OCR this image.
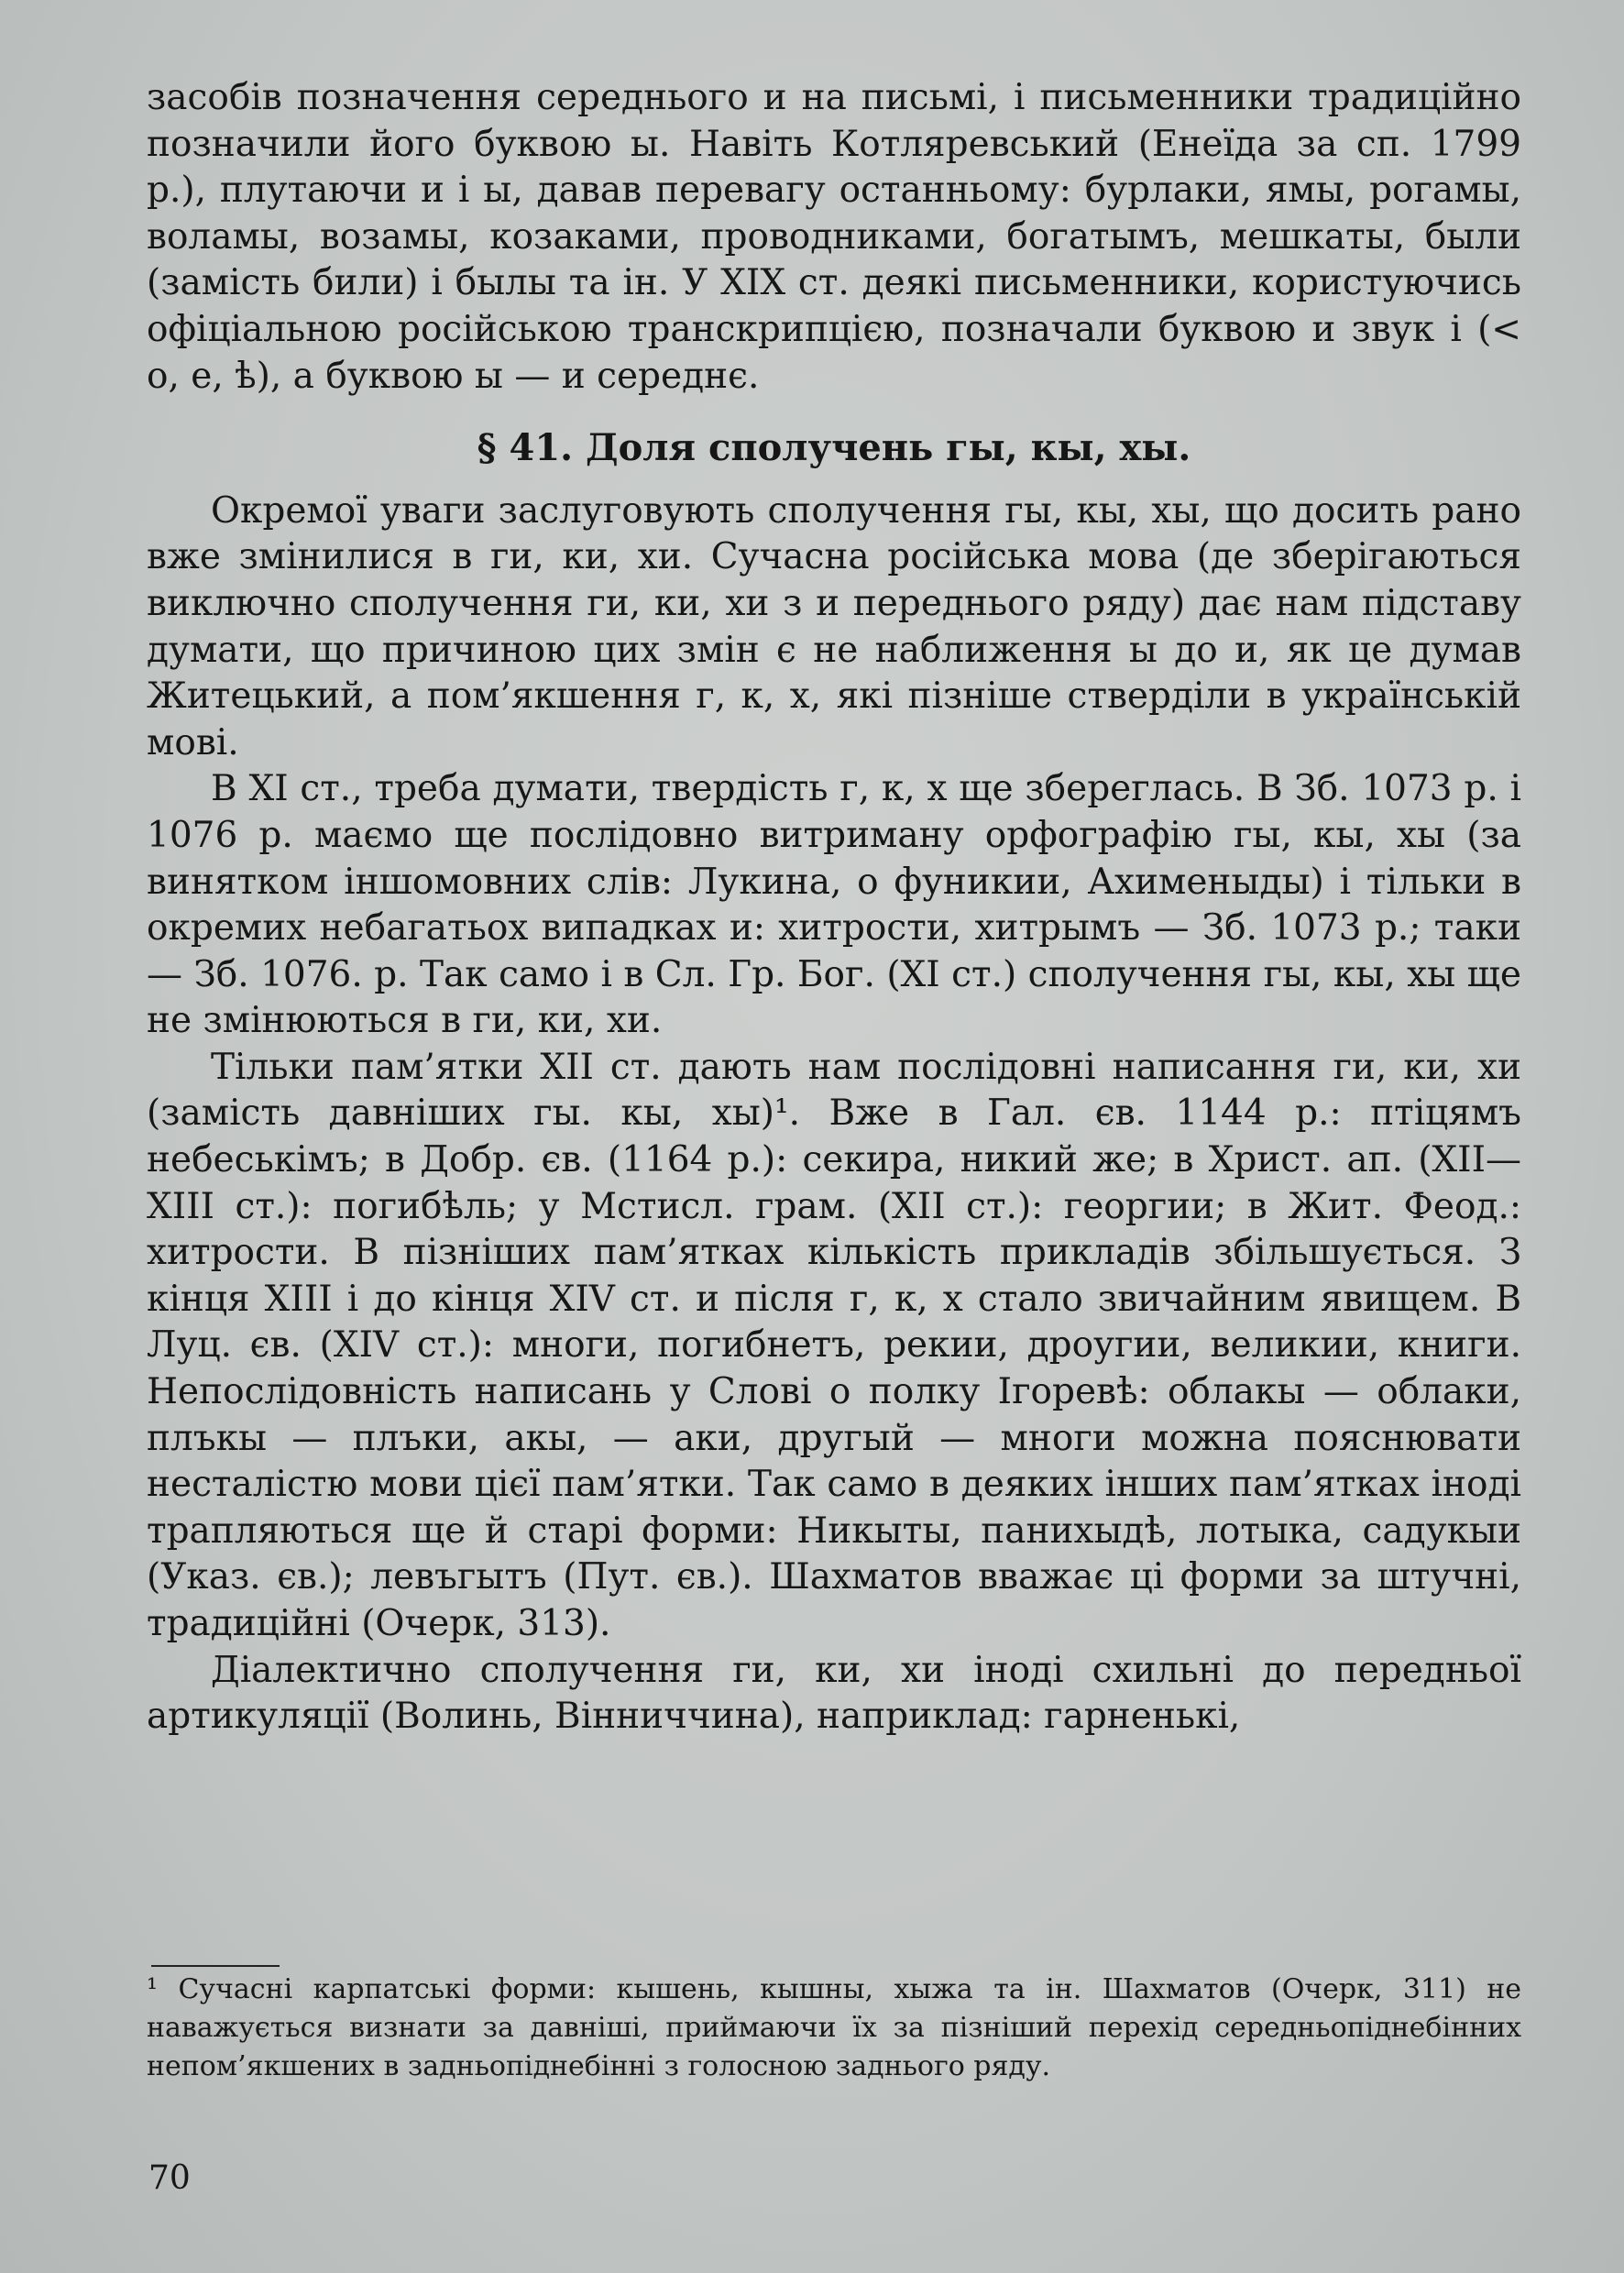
засобів позначення середнього и на письмі, і письменники традиційно позначили його буквою ы. Навіть Котляревський (Енеїда за сп. 1799 р.), плутаючи и і ы, давав перевагу останньому: бурлаки, ямы, рогамы, воламы, возамы, козаками, проводниками, богатымъ, мешкаты, были (замість били) і былы та ін. У XIX ст. деякі письменники, користуючись офіціальною російською транскрипцією, позначали буквою и звук і (< о, е, ѣ), а буквою ы — и середнє.

§ 41. Доля сполучень гы, кы, хы.

Окремої уваги заслуговують сполучення гы, кы, хы, що досить рано вже змінилися в ги, ки, хи. Сучасна російська мова (де зберігаються виключно сполучення ги, ки, хи з и переднього ряду) дає нам підставу думати, що причиною цих змін є не наближення ы до и, як це думав Житецький, а пом’якшення г, к, х, які пізніше стверділи в українській мові.

В XI ст., треба думати, твердість г, к, х ще збереглась. В Зб. 1073 р. і 1076 р. маємо ще послідовно витриману орфографію гы, кы, хы (за винятком іншомовних слів: Лукина, о фуникии, Ахименыды) і тільки в окремих небагатьох випадках и: хитрости, хитрымъ — Зб. 1073 р.; таки — Зб. 1076. р. Так само і в Сл. Гр. Бог. (XI ст.) сполучення гы, кы, хы ще не змінюються в ги, ки, хи.

Тільки пам’ятки XII ст. дають нам послідовні написання ги, ки, хи (замість давніших гы. кы, хы)¹. Вже в Гал. єв. 1144 р.: птіцямъ небеськімъ; в Добр. єв. (1164 р.): секира, никий же; в Христ. ап. (XII—XIII ст.): погибѣль; у Мстисл. грам. (XII ст.): георгии; в Жит. Феод.: хитрости. В пізніших пам’ятках кількість прикладів збільшується. З кінця XIII і до кінця XIV ст. и після г, к, х стало звичайним явищем. В Луц. єв. (XIV ст.): многи, погибнетъ, рекии, дроугии, великии, книги. Непослідовність написань у Слові о полку Ігоревѣ: облакы — облаки, плъкы — плъки, акы, — аки, другый — многи можна пояснювати несталістю мови цієї пам’ятки. Так само в деяких інших пам’ятках іноді трапляються ще й старі форми: Никыты, панихыдѣ, лотыка, садукыи (Указ. єв.); левъгытъ (Пут. єв.). Шахматов вважає ці форми за штучні, традиційні (Очерк, 313).

Діалектично сполучення ги, ки, хи іноді схильні до передньої артикуляції (Волинь, Вінниччина), наприклад: гарненькі,

¹ Сучасні карпатські форми: кышень, кышны, хыжа та ін. Шахматов (Очерк, 311) не наважується визнати за давніші, приймаючи їх за пізніший перехід середньопіднебінних непом’якшених в задньопіднебінні з голосною заднього ряду.

70
